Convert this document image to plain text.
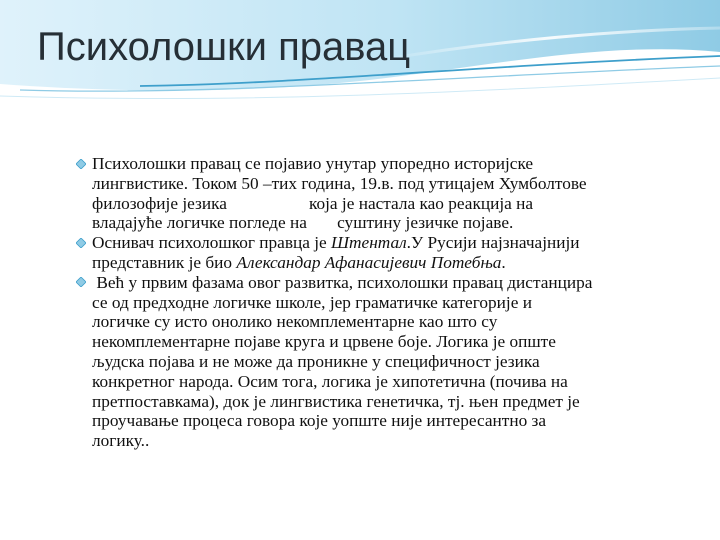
Психолошки правац
Психолошки правац се појавио унутар упоредно историјске
лингвистике. Током 50 –тих година, 19.в. под утицајем Хумболтове
филозофије језика                   која је настала као реакција на
владајуће логичке погледе на       суштину језичке појаве.
Оснивач психолошког правца је Штентал.У Русији најзначајнији
представник је био Александар Афанасијевич Потебња.
Већ у првим фазама овог развитка, психолошки правац дистанцира
се од предходне логичке школе, јер граматичке категорије и
логичке су исто онолико некомплементарне као што су
некомплементарне појаве круга и црвене боје. Логика је опште
људска појава и не може да проникне у специфичност језика
конкретног народа. Осим тога, логика је хипотетична (почива на
претпоставкама), док је лингвистика генетичка, тј. њен предмет је
проучавање процеса говора које уопште није интересантно за
логику..
